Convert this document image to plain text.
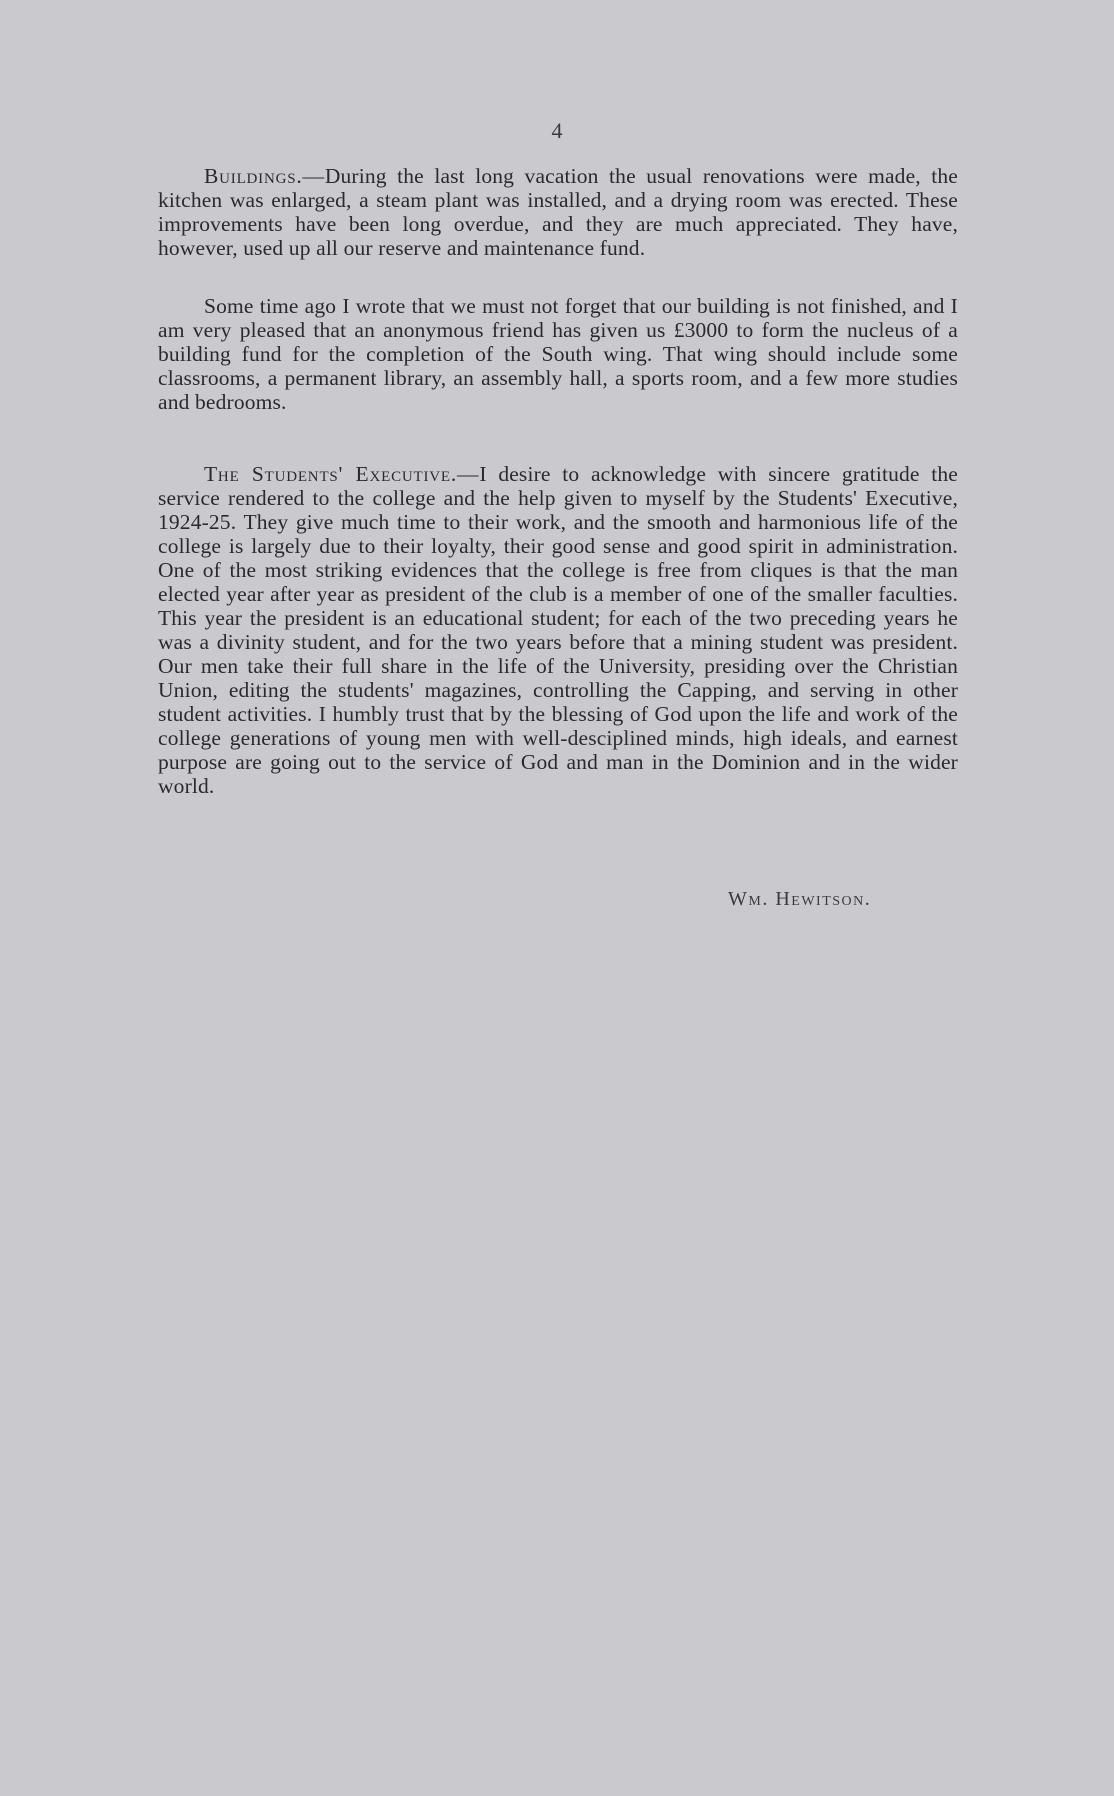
4

Buildings.—During the last long vacation the usual renovations were made, the kitchen was enlarged, a steam plant was installed, and a drying room was erected. These improvements have been long overdue, and they are much appreciated. They have, however, used up all our reserve and maintenance fund.

Some time ago I wrote that we must not forget that our building is not finished, and I am very pleased that an anonymous friend has given us £3000 to form the nucleus of a building fund for the completion of the South wing. That wing should include some classrooms, a permanent library, an assembly hall, a sports room, and a few more studies and bedrooms.

The Students' Executive.—I desire to acknowledge with sincere gratitude the service rendered to the college and the help given to myself by the Students' Executive, 1924-25. They give much time to their work, and the smooth and harmonious life of the college is largely due to their loyalty, their good sense and good spirit in administration. One of the most striking evidences that the college is free from cliques is that the man elected year after year as president of the club is a member of one of the smaller faculties. This year the president is an educational student; for each of the two preceding years he was a divinity student, and for the two years before that a mining student was president. Our men take their full share in the life of the University, presiding over the Christian Union, editing the students' magazines, controlling the Capping, and serving in other student activities. I humbly trust that by the blessing of God upon the life and work of the college generations of young men with well-desciplined minds, high ideals, and earnest purpose are going out to the service of God and man in the Dominion and in the wider world.

Wm. Hewitson.
